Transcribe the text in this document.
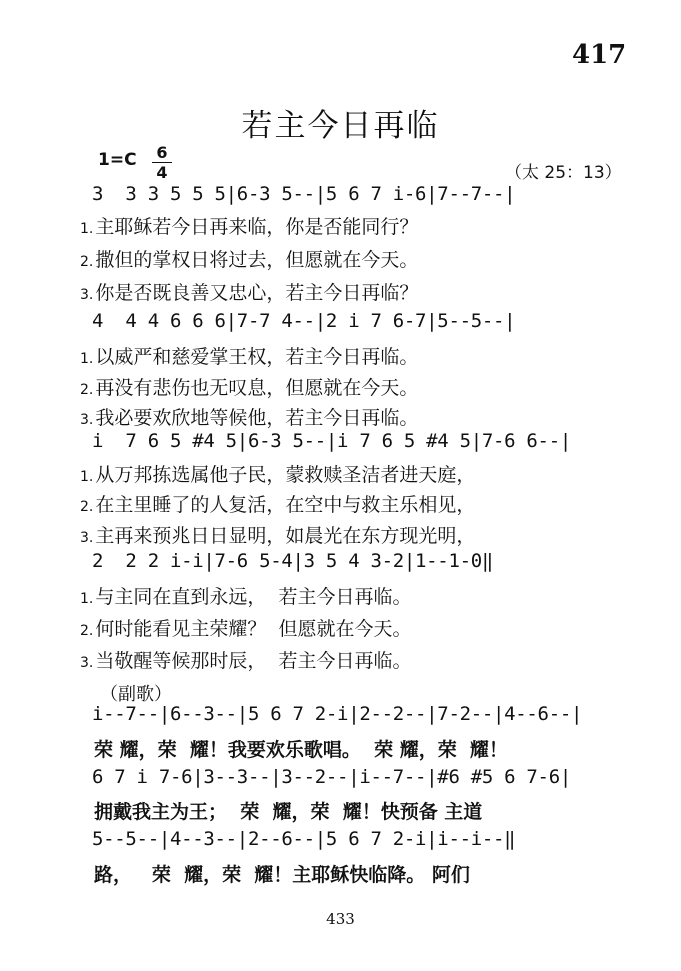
417
若主今日再临
1=C 6
4	（太 25：13）
3  3 3 5 5 5|6-3 5--|5 6 7 i-6|7--7--|
1. 主耶稣若今日再来临，你是否能同行？
2. 撒但的掌权日将过去，但愿就在今天。
3. 你是否既良善又忠心，若主今日再临？
4  4 4 6 6 6|7-7 4--|2 i 7 6-7|5--5--|
1. 以威严和慈爱掌王权，若主今日再临。
2. 再没有悲伤也无叹息，但愿就在今天。
3. 我必要欢欣地等候他，若主今日再临。
i  7 6 5 #4 5|6-3 5--|i 7 6 5 #4 5|7-6 6--|
1. 从万邦拣选属他子民，蒙救赎圣洁者进天庭，
2. 在主里睡了的人复活，在空中与救主乐相见，
3. 主再来预兆日日显明，如晨光在东方现光明，
2  2 2 i-i|7-6 5-4|3 5 4 3-2|1--1-0‖
1. 与主同在直到永远，  若主今日再临。
2. 何时能看见主荣耀？  但愿就在今天。
3. 当敬醒等候那时辰，  若主今日再临。
（副歌）
i--7--|6--3--|5 6 7 2-i|2--2--|7-2--|4--6--|
荣 耀，荣  耀！我要欢乐歌唱。  荣 耀，荣  耀！
6 7 i 7-6|3--3--|3--2--|i--7--|#6 #5 6 7-6|
拥戴我主为王；  荣  耀，荣  耀！快预备 主道
5--5--|4--3--|2--6--|5 6 7 2-i|i--i--‖
路，   荣  耀，荣  耀！主耶稣快临降。 阿们
433
